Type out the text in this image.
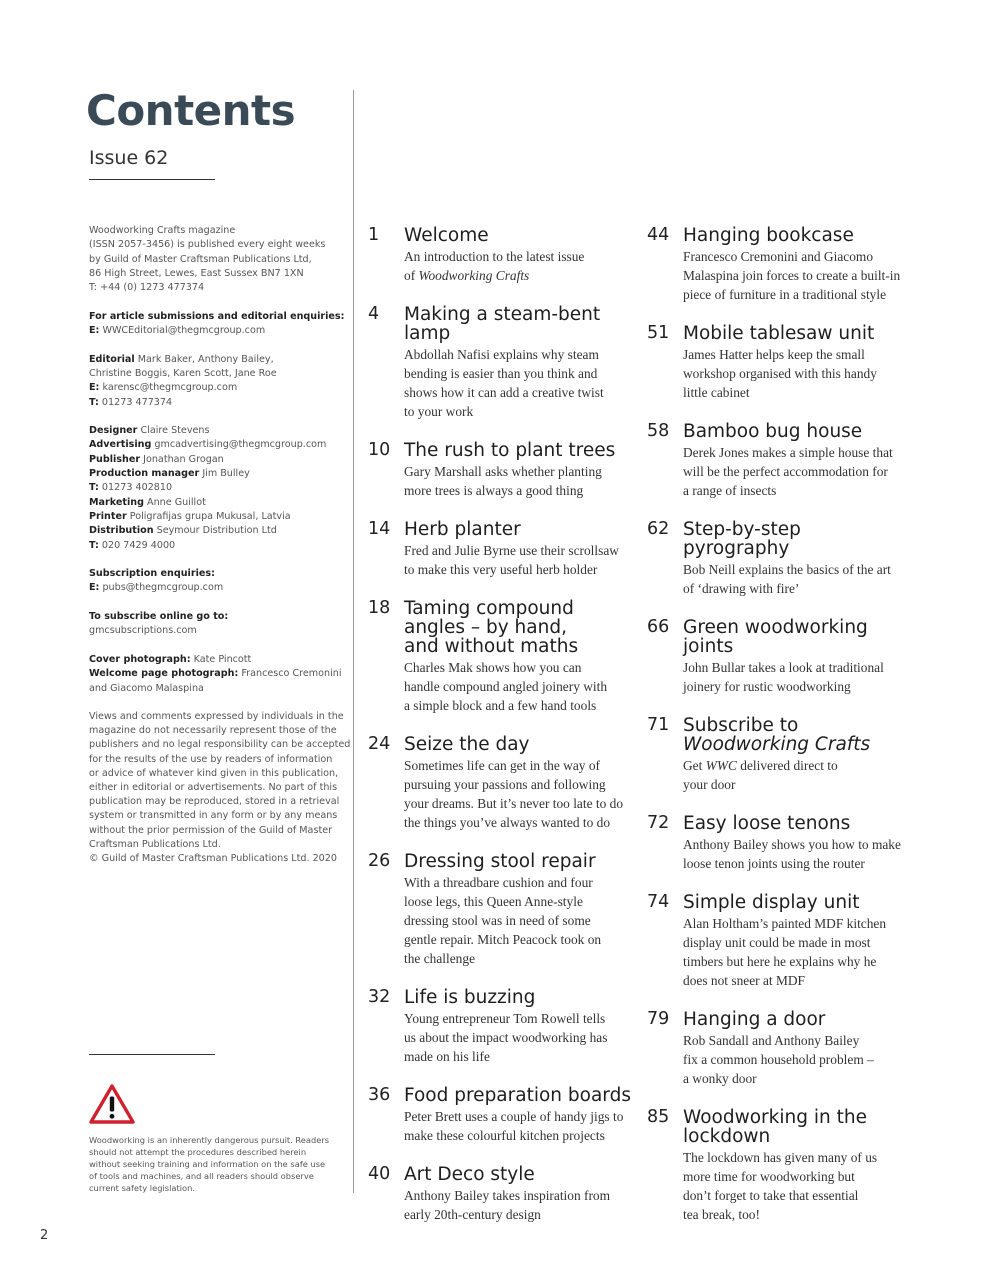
Contents
Issue 62
Woodworking Crafts magazine
(ISSN 2057-3456) is published every eight weeks
by Guild of Master Craftsman Publications Ltd,
86 High Street, Lewes, East Sussex BN7 1XN
T: +44 (0) 1273 477374
For article submissions and editorial enquiries:
E: WWCEditorial@thegmcgroup.com
Editorial Mark Baker, Anthony Bailey,
Christine Boggis, Karen Scott, Jane Roe
E: karensc@thegmcgroup.com
T: 01273 477374
Designer Claire Stevens
Advertising gmcadvertising@thegmcgroup.com
Publisher Jonathan Grogan
Production manager Jim Bulley
T: 01273 402810
Marketing Anne Guillot
Printer Poligrafijas grupa Mukusal, Latvia
Distribution Seymour Distribution Ltd
T: 020 7429 4000
Subscription enquiries:
E: pubs@thegmcgroup.com
To subscribe online go to:
gmcsubscriptions.com
Cover photograph: Kate Pincott
Welcome page photograph: Francesco Cremonini
and Giacomo Malaspina
Views and comments expressed by individuals in the
magazine do not necessarily represent those of the
publishers and no legal responsibility can be accepted
for the results of the use by readers of information
or advice of whatever kind given in this publication,
either in editorial or advertisements. No part of this
publication may be reproduced, stored in a retrieval
system or transmitted in any form or by any means
without the prior permission of the Guild of Master
Craftsman Publications Ltd.
© Guild of Master Craftsman Publications Ltd. 2020
Woodworking is an inherently dangerous pursuit. Readers
should not attempt the procedures described herein
without seeking training and information on the safe use
of tools and machines, and all readers should observe
current safety legislation.
1 Welcome
An introduction to the latest issue
of Woodworking Crafts
4 Making a steam-bent
lamp
Abdollah Nafisi explains why steam
bending is easier than you think and
shows how it can add a creative twist
to your work
10 The rush to plant trees
Gary Marshall asks whether planting
more trees is always a good thing
14 Herb planter
Fred and Julie Byrne use their scrollsaw
to make this very useful herb holder
18 Taming compound
angles – by hand,
and without maths
Charles Mak shows how you can
handle compound angled joinery with
a simple block and a few hand tools
24 Seize the day
Sometimes life can get in the way of
pursuing your passions and following
your dreams. But it’s never too late to do
the things you’ve always wanted to do
26 Dressing stool repair
With a threadbare cushion and four
loose legs, this Queen Anne-style
dressing stool was in need of some
gentle repair. Mitch Peacock took on
the challenge
32 Life is buzzing
Young entrepreneur Tom Rowell tells
us about the impact woodworking has
made on his life
36 Food preparation boards
Peter Brett uses a couple of handy jigs to
make these colourful kitchen projects
40 Art Deco style
Anthony Bailey takes inspiration from
early 20th-century design
44 Hanging bookcase
Francesco Cremonini and Giacomo
Malaspina join forces to create a built-in
piece of furniture in a traditional style
51 Mobile tablesaw unit
James Hatter helps keep the small
workshop organised with this handy
little cabinet
58 Bamboo bug house
Derek Jones makes a simple house that
will be the perfect accommodation for
a range of insects
62 Step-by-step
pyrography
Bob Neill explains the basics of the art
of ‘drawing with fire’
66 Green woodworking
joints
John Bullar takes a look at traditional
joinery for rustic woodworking
71 Subscribe to
Woodworking Crafts
Get WWC delivered direct to
your door
72 Easy loose tenons
Anthony Bailey shows you how to make
loose tenon joints using the router
74 Simple display unit
Alan Holtham’s painted MDF kitchen
display unit could be made in most
timbers but here he explains why he
does not sneer at MDF
79 Hanging a door
Rob Sandall and Anthony Bailey
fix a common household problem –
a wonky door
85 Woodworking in the
lockdown
The lockdown has given many of us
more time for woodworking but
don’t forget to take that essential
tea break, too!
2
